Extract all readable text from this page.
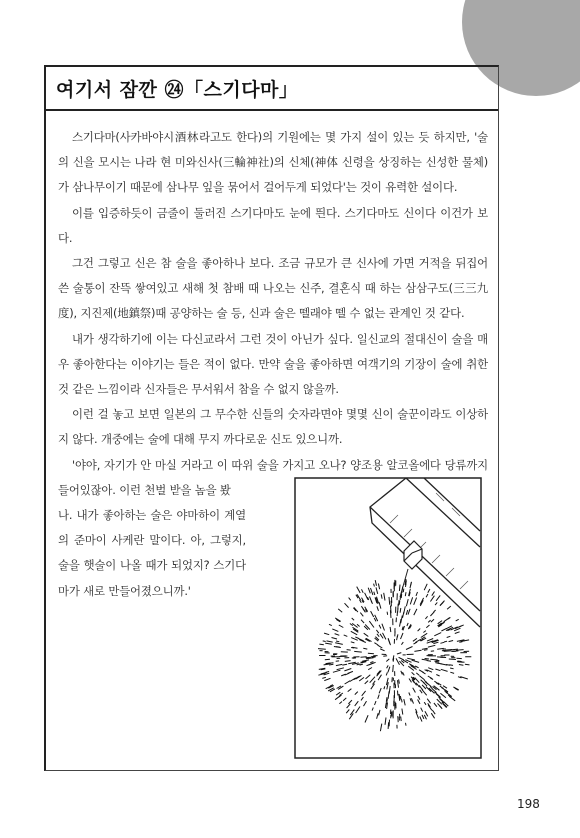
여기서 잠깐 ㉔「스기다마」

스기다마(사카바야시酒林라고도 한다)의 기원에는 몇 가지 설이 있는 듯 하지만, '술의 신을 모시는 나라 현 미와신사(三輪神社)의 신체(神体 신령을 상징하는 신성한 물체)가 삼나무이기 때문에 삼나무 잎을 묶어서 걸어두게 되었다'는 것이 유력한 설이다.

이를 입증하듯이 금줄이 둘러진 스기다마도 눈에 띈다. 스기다마도 신이다 이건가 보다.

그건 그렇고 신은 참 술을 좋아하나 보다. 조금 규모가 큰 신사에 가면 거적을 뒤집어 쓴 술통이 잔뜩 쌓여있고 새해 첫 참배 때 나오는 신주, 결혼식 때 하는 삼삼구도(三三九度), 지진제(地鎮祭)때 공양하는 술 등, 신과 술은 뗄래야 뗄 수 없는 관계인 것 같다.

내가 생각하기에 이는 다신교라서 그런 것이 아닌가 싶다. 일신교의 절대신이 술을 매우 좋아한다는 이야기는 들은 적이 없다. 만약 술을 좋아하면 여객기의 기장이 술에 취한 것 같은 느낌이라 신자들은 무서워서 참을 수 없지 않을까.

이런 걸 놓고 보면 일본의 그 무수한 신들의 숫자라면야 몇몇 신이 술꾼이라도 이상하지 않다. 개중에는 술에 대해 무지 까다로운 신도 있으니까.

'야야, 자기가 안 마실 거라고 이 따위 술을 가지고 오나? 양조용 알코올에다 당류까지 들어있잖아. 이런 천벌 받을 놈을 봤

나. 내가 좋아하는 술은 야마하이 계열의 준마이 사케란 말이다. 아, 그렇지, 술을 햇술이 나올 때가 되었지? 스기다마가 새로 만들어졌으니까.'

198
